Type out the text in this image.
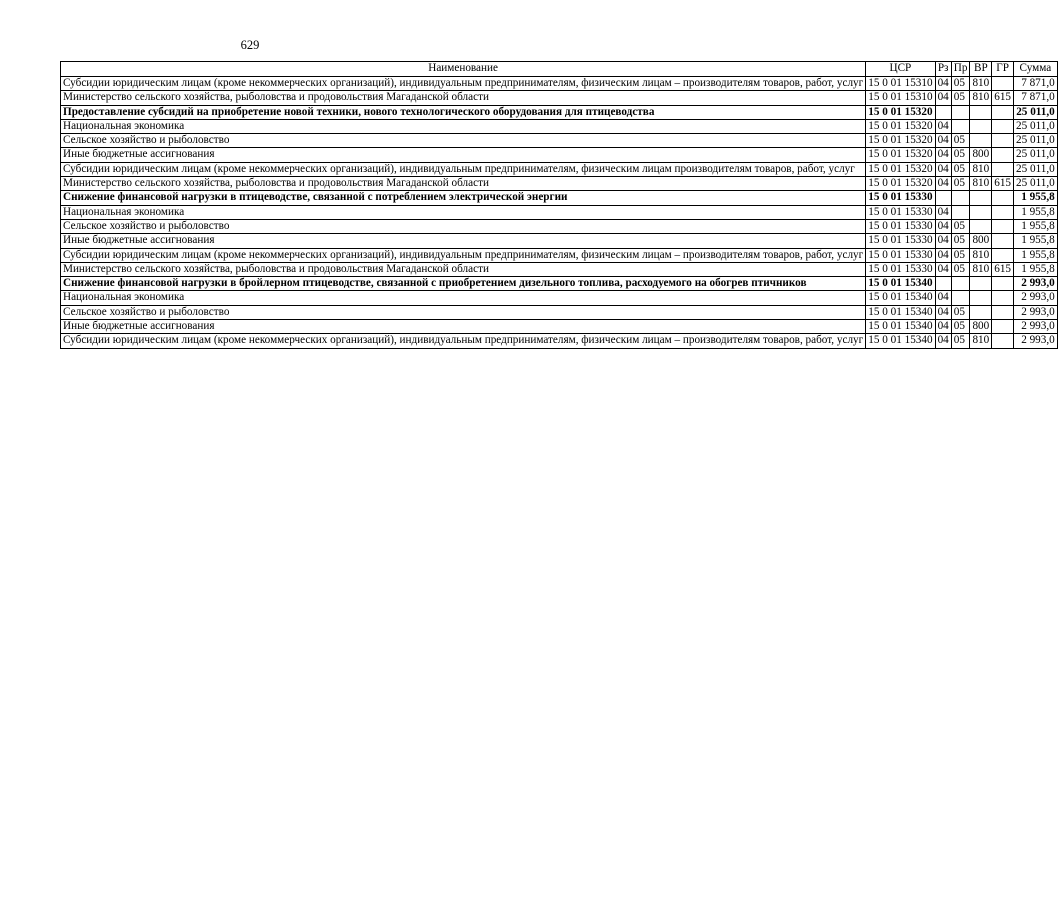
629
Наименование	ЦСР	Рз	Пр	ВР	ГР	Сумма
Субсидии юридическим лицам (кроме некоммерческих организаций), индивидуальным предпринимателям, физическим лицам – производителям товаров, работ, услуг	15 0 01 15310	04	05	810		7 871,0
Министерство сельского хозяйства, рыболовства и продовольствия Магаданской области	15 0 01 15310	04	05	810	615	7 871,0
Предоставление субсидий на приобретение новой техники, нового технологического оборудования для птицеводства	15 0 01 15320					25 011,0
Национальная экономика	15 0 01 15320	04				25 011,0
Сельское хозяйство и рыболовство	15 0 01 15320	04	05			25 011,0
Иные бюджетные ассигнования	15 0 01 15320	04	05	800		25 011,0
Субсидии юридическим лицам (кроме некоммерческих организаций), индивидуальным предпринимателям, физическим лицам производителям товаров, работ, услуг	15 0 01 15320	04	05	810		25 011,0
Министерство сельского хозяйства, рыболовства и продовольствия Магаданской области	15 0 01 15320	04	05	810	615	25 011,0
Снижение финансовой нагрузки в птицеводстве, связанной с потреблением электрической энергии	15 0 01 15330					1 955,8
Национальная экономика	15 0 01 15330	04				1 955,8
Сельское хозяйство и рыболовство	15 0 01 15330	04	05			1 955,8
Иные бюджетные ассигнования	15 0 01 15330	04	05	800		1 955,8
Субсидии юридическим лицам (кроме некоммерческих организаций), индивидуальным предпринимателям, физическим лицам – производителям товаров, работ, услуг	15 0 01 15330	04	05	810		1 955,8
Министерство сельского хозяйства, рыболовства и продовольствия Магаданской области	15 0 01 15330	04	05	810	615	1 955,8
Снижение финансовой нагрузки в бройлерном птицеводстве, связанной с приобретением дизельного топлива, расходуемого на обогрев птичников	15 0 01 15340					2 993,0
Национальная экономика	15 0 01 15340	04				2 993,0
Сельское хозяйство и рыболовство	15 0 01 15340	04	05			2 993,0
Иные бюджетные ассигнования	15 0 01 15340	04	05	800		2 993,0
Субсидии юридическим лицам (кроме некоммерческих организаций), индивидуальным предпринимателям, физическим лицам – производителям товаров, работ, услуг	15 0 01 15340	04	05	810		2 993,0
